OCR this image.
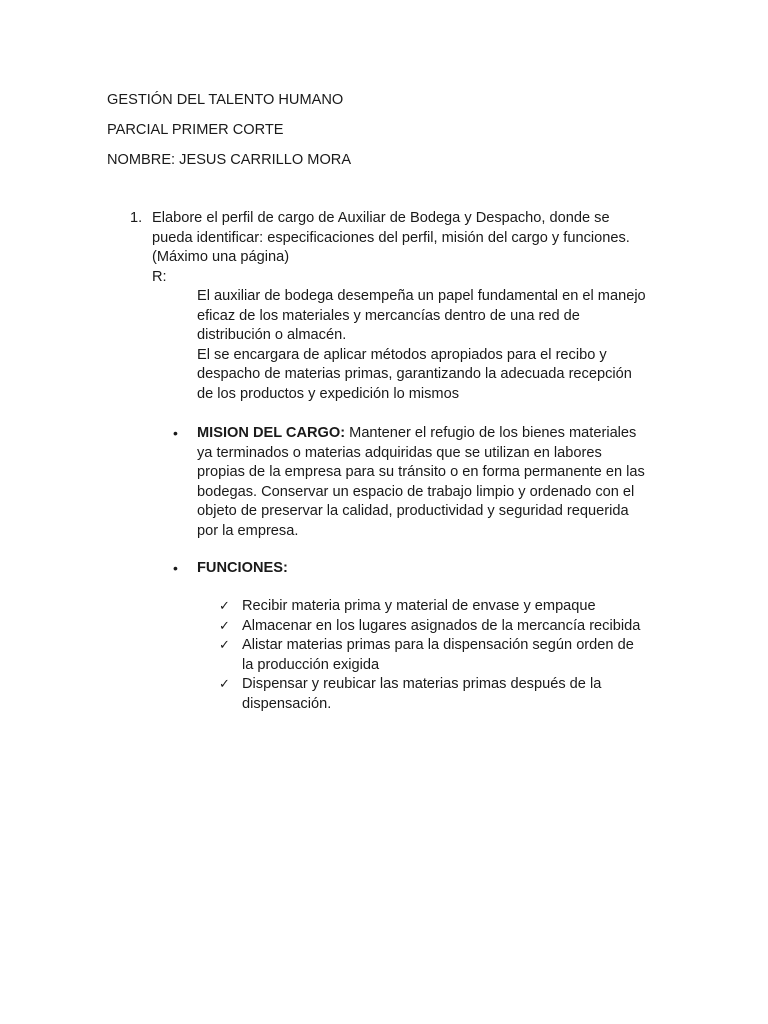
GESTIÓN DEL TALENTO HUMANO
PARCIAL PRIMER CORTE
NOMBRE: JESUS CARRILLO MORA
1. Elabore el perfil de cargo de Auxiliar de Bodega y Despacho, donde se
pueda identificar: especificaciones del perfil, misión del cargo y funciones.
(Máximo una página)
R:
El auxiliar de bodega desempeña un papel fundamental en el manejo
eficaz de los materiales y mercancías dentro de una red de
distribución o almacén.
El se encargara de aplicar métodos apropiados para el recibo y
despacho de materias primas, garantizando la adecuada recepción
de los productos y expedición lo mismos
• MISION DEL CARGO: Mantener el refugio de los bienes materiales
ya terminados o materias adquiridas que se utilizan en labores
propias de la empresa para su tránsito o en forma permanente en las
bodegas. Conservar un espacio de trabajo limpio y ordenado con el
objeto de preservar la calidad, productividad y seguridad requerida
por la empresa.
• FUNCIONES:
✓ Recibir materia prima y material de envase y empaque
✓ Almacenar en los lugares asignados de la mercancía recibida
✓ Alistar materias primas para la dispensación según orden de
la producción exigida
✓ Dispensar y reubicar las materias primas después de la
dispensación.
